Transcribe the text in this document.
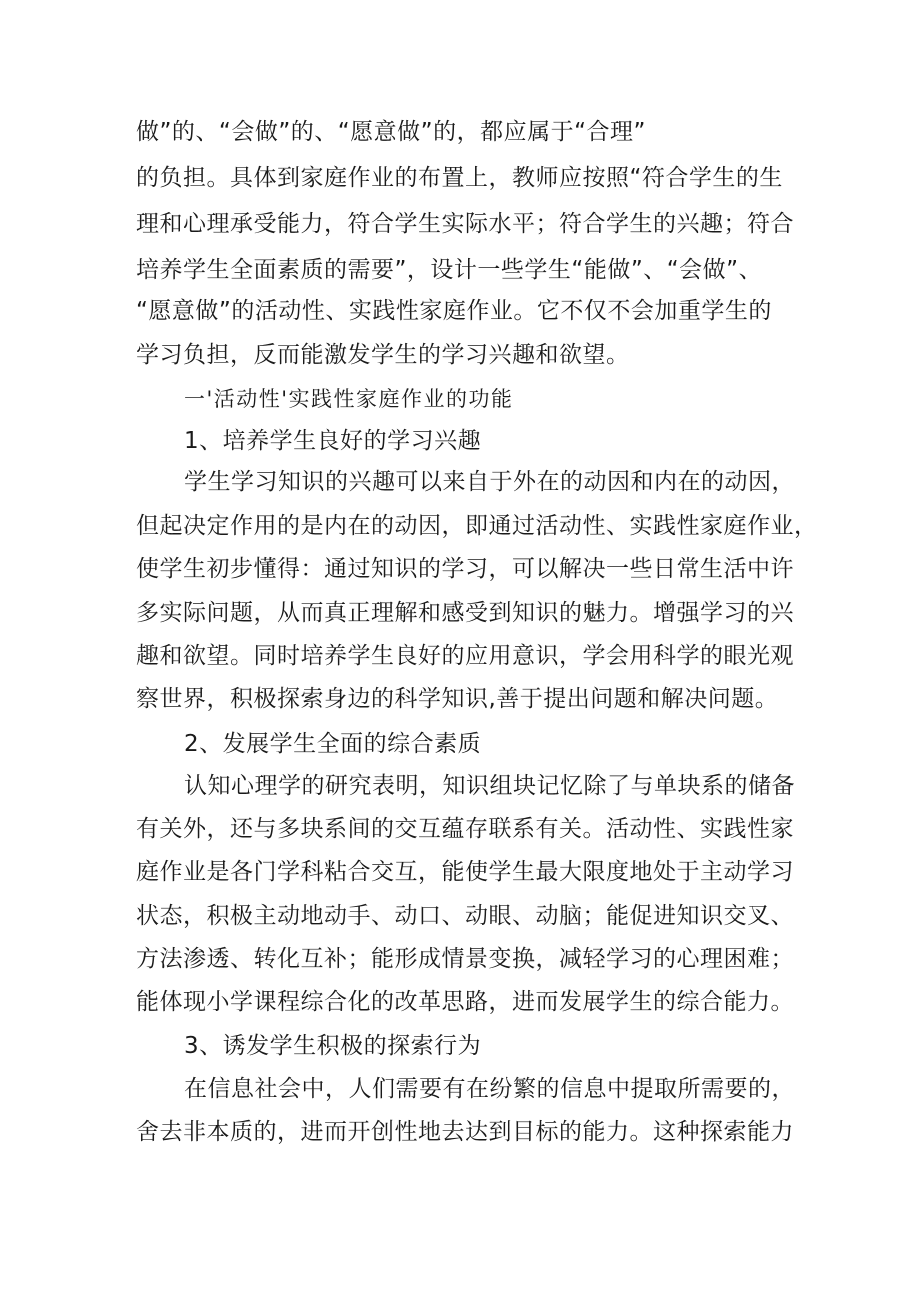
做”的、“会做”的、“愿意做”的，都应属于“合理”
的负担。具体到家庭作业的布置上，教师应按照“符合学生的生
理和心理承受能力，符合学生实际水平；符合学生的兴趣；符合
培养学生全面素质的需要”，设计一些学生“能做”、“会做”、
“愿意做”的活动性、实践性家庭作业。它不仅不会加重学生的
学习负担，反而能激发学生的学习兴趣和欲望。
一'活动性'实践性家庭作业的功能
1、培养学生良好的学习兴趣
学生学习知识的兴趣可以来自于外在的动因和内在的动因，
但起决定作用的是内在的动因，即通过活动性、实践性家庭作业，
使学生初步懂得：通过知识的学习，可以解决一些日常生活中许
多实际问题，从而真正理解和感受到知识的魅力。增强学习的兴
趣和欲望。同时培养学生良好的应用意识，学会用科学的眼光观
察世界，积极探索身边的科学知识,善于提出问题和解决问题。
2、发展学生全面的综合素质
认知心理学的研究表明，知识组块记忆除了与单块系的储备
有关外，还与多块系间的交互蕴存联系有关。活动性、实践性家
庭作业是各门学科粘合交互，能使学生最大限度地处于主动学习
状态，积极主动地动手、动口、动眼、动脑；能促进知识交叉、
方法渗透、转化互补；能形成情景变换，减轻学习的心理困难；
能体现小学课程综合化的改革思路，进而发展学生的综合能力。
3、诱发学生积极的探索行为
在信息社会中，人们需要有在纷繁的信息中提取所需要的，
舍去非本质的，进而开创性地去达到目标的能力。这种探索能力
